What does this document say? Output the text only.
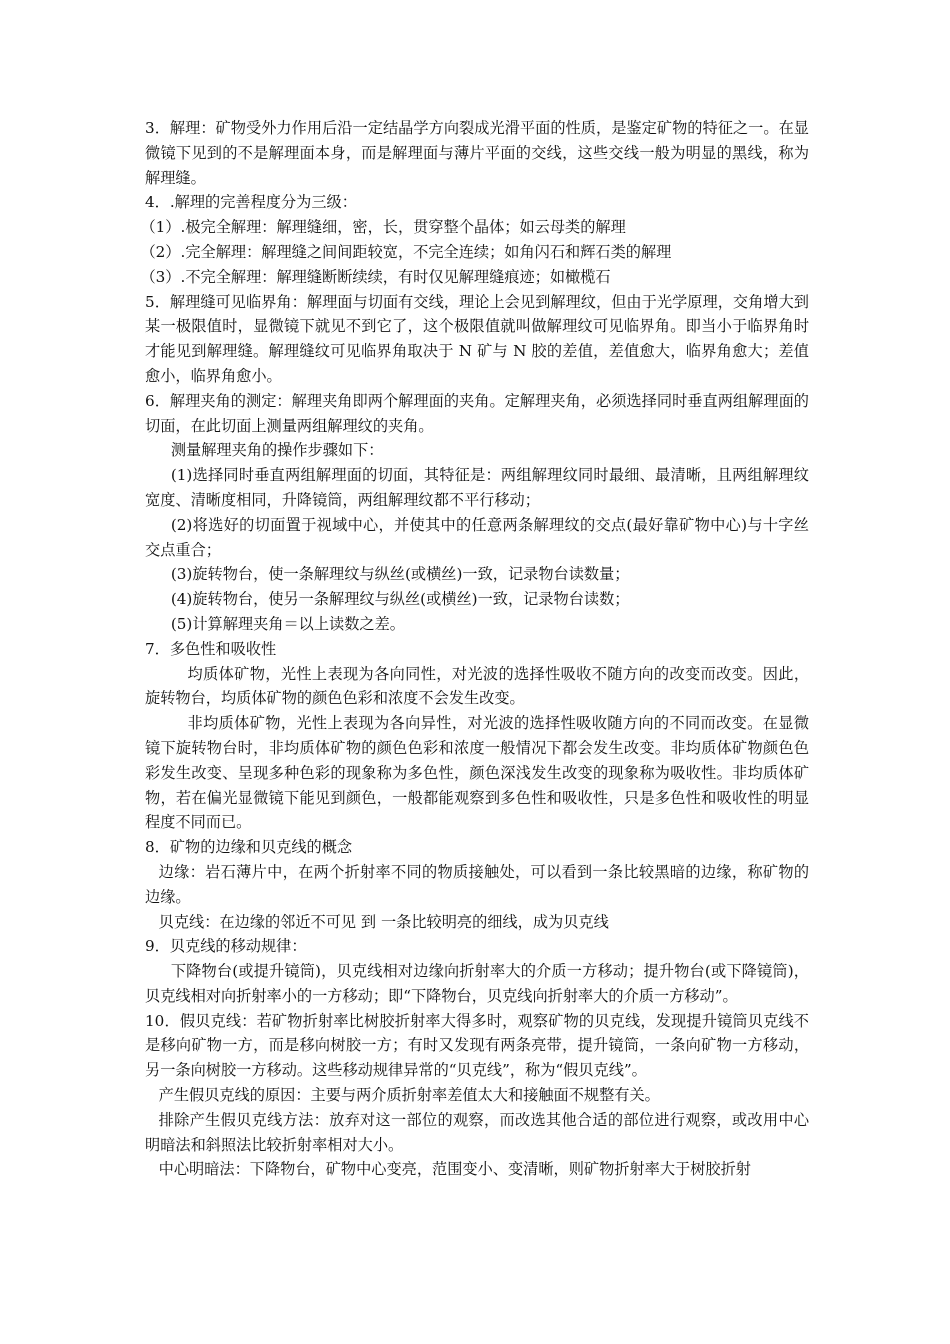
3．解理：矿物受外力作用后沿一定结晶学方向裂成光滑平面的性质，是鉴定矿物的特征之一。在显微镜下见到的不是解理面本身，而是解理面与薄片平面的交线，这些交线一般为明显的黑线，称为解理缝。

4．.解理的完善程度分为三级：

（1）.极完全解理：解理缝细，密，长，贯穿整个晶体；如云母类的解理

（2）.完全解理：解理缝之间间距较宽，不完全连续；如角闪石和辉石类的解理

（3）.不完全解理：解理缝断断续续，有时仅见解理缝痕迹；如橄榄石

5．解理缝可见临界角：解理面与切面有交线，理论上会见到解理纹，但由于光学原理，交角增大到某一极限值时，显微镜下就见不到它了，这个极限值就叫做解理纹可见临界角。即当小于临界角时才能见到解理缝。解理缝纹可见临界角取决于 N 矿与 N 胶的差值，差值愈大，临界角愈大；差值愈小，临界角愈小。

6．解理夹角的测定：解理夹角即两个解理面的夹角。定解理夹角，必须选择同时垂直两组解理面的切面，在此切面上测量两组解理纹的夹角。

测量解理夹角的操作步骤如下：

(1)选择同时垂直两组解理面的切面，其特征是：两组解理纹同时最细、最清晰，且两组解理纹宽度、清晰度相同，升降镜筒，两组解理纹都不平行移动；

(2)将选好的切面置于视域中心，并使其中的任意两条解理纹的交点(最好靠矿物中心)与十字丝交点重合；

(3)旋转物台，使一条解理纹与纵丝(或横丝)一致，记录物台读数量；

(4)旋转物台，使另一条解理纹与纵丝(或横丝)一致，记录物台读数；

(5)计算解理夹角＝以上读数之差。

7．多色性和吸收性

均质体矿物，光性上表现为各向同性，对光波的选择性吸收不随方向的改变而改变。因此，旋转物台，均质体矿物的颜色色彩和浓度不会发生改变。

非均质体矿物，光性上表现为各向异性，对光波的选择性吸收随方向的不同而改变。在显微镜下旋转物台时，非均质体矿物的颜色色彩和浓度一般情况下都会发生改变。非均质体矿物颜色色彩发生改变、呈现多种色彩的现象称为多色性，颜色深浅发生改变的现象称为吸收性。非均质体矿物，若在偏光显微镜下能见到颜色，一般都能观察到多色性和吸收性，只是多色性和吸收性的明显程度不同而已。

8．矿物的边缘和贝克线的概念

边缘：岩石薄片中，在两个折射率不同的物质接触处，可以看到一条比较黑暗的边缘，称矿物的边缘。

贝克线：在边缘的邻近不可见 到 一条比较明亮的细线，成为贝克线

9．贝克线的移动规律：

下降物台(或提升镜筒)，贝克线相对边缘向折射率大的介质一方移动；提升物台(或下降镜筒)，贝克线相对向折射率小的一方移动；即“下降物台，贝克线向折射率大的介质一方移动”。

10．假贝克线：若矿物折射率比树胶折射率大得多时，观察矿物的贝克线，发现提升镜筒贝克线不是移向矿物一方，而是移向树胶一方；有时又发现有两条亮带，提升镜筒，一条向矿物一方移动，另一条向树胶一方移动。这些移动规律异常的“贝克线”，称为“假贝克线”。

产生假贝克线的原因：主要与两介质折射率差值太大和接触面不规整有关。

排除产生假贝克线方法：放弃对这一部位的观察，而改选其他合适的部位进行观察，或改用中心明暗法和斜照法比较折射率相对大小。

中心明暗法：下降物台，矿物中心变亮，范围变小、变清晰，则矿物折射率大于树胶折射
